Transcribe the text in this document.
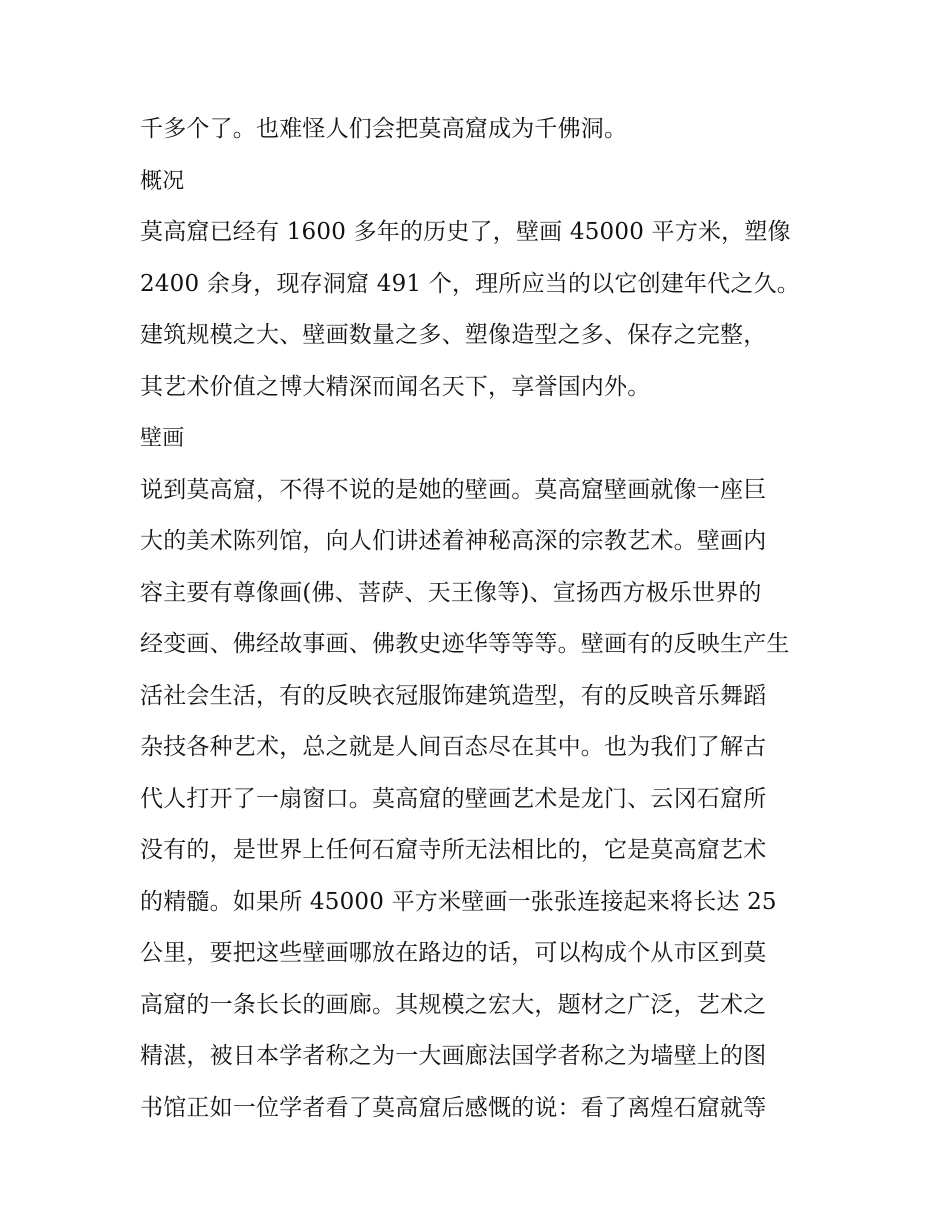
千多个了。也难怪人们会把莫高窟成为千佛洞。
概况
莫高窟已经有 1600 多年的历史了，壁画 45000 平方米，塑像
2400 余身，现存洞窟 491 个，理所应当的以它创建年代之久。
建筑规模之大、壁画数量之多、塑像造型之多、保存之完整，
其艺术价值之博大精深而闻名天下，享誉国内外。
壁画
说到莫高窟，不得不说的是她的壁画。莫高窟壁画就像一座巨
大的美术陈列馆，向人们讲述着神秘高深的宗教艺术。壁画内
容主要有尊像画(佛、菩萨、天王像等)、宣扬西方极乐世界的
经变画、佛经故事画、佛教史迹华等等等。壁画有的反映生产生
活社会生活，有的反映衣冠服饰建筑造型，有的反映音乐舞蹈
杂技各种艺术，总之就是人间百态尽在其中。也为我们了解古
代人打开了一扇窗口。莫高窟的壁画艺术是龙门、云冈石窟所
没有的，是世界上任何石窟寺所无法相比的，它是莫高窟艺术
的精髓。如果所 45000 平方米壁画一张张连接起来将长达 25
公里，要把这些壁画哪放在路边的话，可以构成个从市区到莫
高窟的一条长长的画廊。其规模之宏大，题材之广泛，艺术之
精湛，被日本学者称之为一大画廊法国学者称之为墙壁上的图
书馆正如一位学者看了莫高窟后感慨的说：看了离煌石窟就等
